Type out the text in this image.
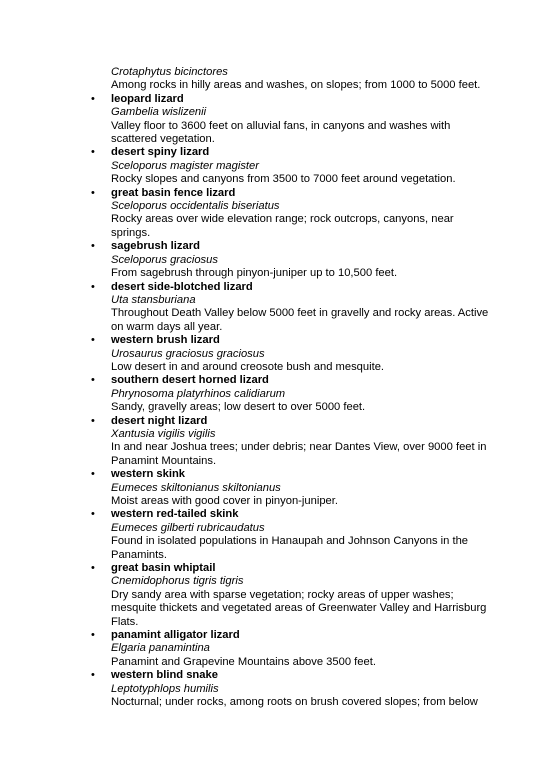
Crotaphytus bicinctores
Among rocks in hilly areas and washes, on slopes; from 1000 to 5000 feet.
• leopard lizard
Gambelia wislizenii
Valley floor to 3600 feet on alluvial fans, in canyons and washes with scattered vegetation.
• desert spiny lizard
Sceloporus magister magister
Rocky slopes and canyons from 3500 to 7000 feet around vegetation.
• great basin fence lizard
Sceloporus occidentalis biseriatus
Rocky areas over wide elevation range; rock outcrops, canyons, near springs.
• sagebrush lizard
Sceloporus graciosus
From sagebrush through pinyon-juniper up to 10,500 feet.
• desert side-blotched lizard
Uta stansburiana
Throughout Death Valley below 5000 feet in gravelly and rocky areas. Active on warm days all year.
• western brush lizard
Urosaurus graciosus graciosus
Low desert in and around creosote bush and mesquite.
• southern desert horned lizard
Phrynosoma platyrhinos calidiarum
Sandy, gravelly areas; low desert to over 5000 feet.
• desert night lizard
Xantusia vigilis vigilis
In and near Joshua trees; under debris; near Dantes View, over 9000 feet in Panamint Mountains.
• western skink
Eumeces skiltonianus skiltonianus
Moist areas with good cover in pinyon-juniper.
• western red-tailed skink
Eumeces gilberti rubricaudatus
Found in isolated populations in Hanaupah and Johnson Canyons in the Panamints.
• great basin whiptail
Cnemidophorus tigris tigris
Dry sandy area with sparse vegetation; rocky areas of upper washes; mesquite thickets and vegetated areas of Greenwater Valley and Harrisburg Flats.
• panamint alligator lizard
Elgaria panamintina
Panamint and Grapevine Mountains above 3500 feet.
• western blind snake
Leptotyphlops humilis
Nocturnal; under rocks, among roots on brush covered slopes; from below
